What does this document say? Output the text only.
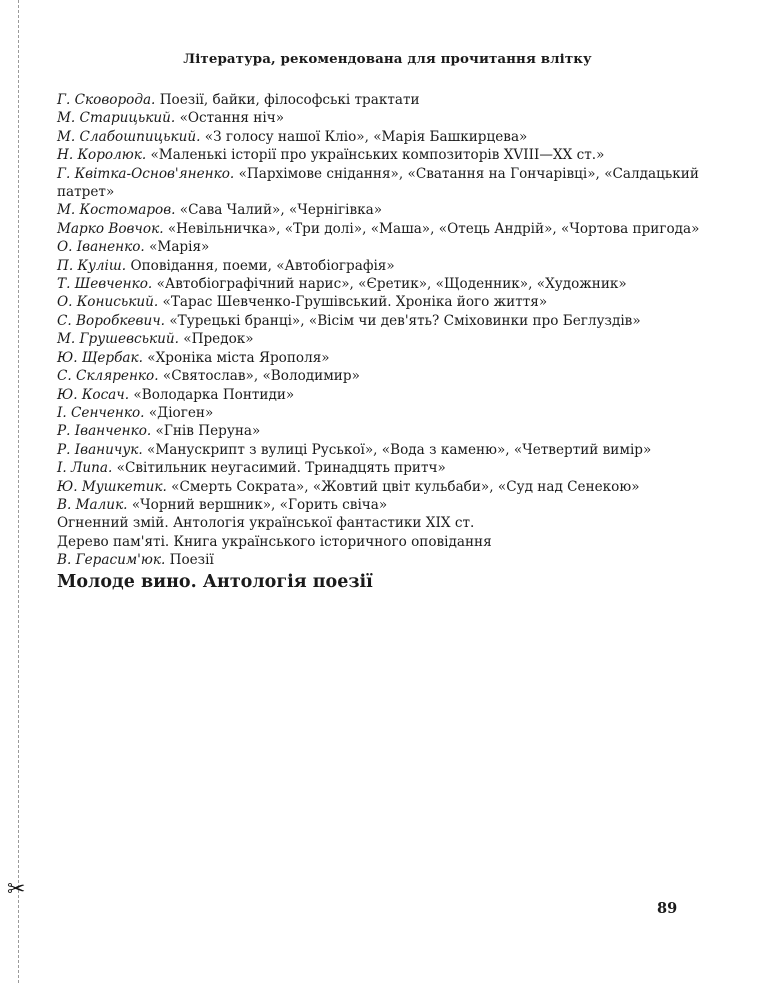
✂
Література, рекомендована для прочитання влітку

Г. Сковорода. Поезії, байки, філософські трактати

М. Старицький. «Остання ніч»

М. Слабошпицький. «З голосу нашої Кліо», «Марія Башкирцева»

Н. Королюк. «Маленькі історії про українських композиторів XVIII—XX ст.»

Г. Квітка-Основ'яненко. «Пархімове снідання», «Сватання на Гончарівці», «Салдацький патрет»

М. Костомаров. «Сава Чалий», «Чернігівка»

Марко Вовчок. «Невільничка», «Три долі», «Маша», «Отець Андрій», «Чортова пригода»

О. Іваненко. «Марія»

П. Куліш. Оповідання, поеми, «Автобіографія»

Т. Шевченко. «Автобіографічний нарис», «Єретик», «Щоденник», «Художник»

О. Кониський. «Тарас Шевченко-Грушівський. Хроніка його життя»

С. Воробкевич. «Турецькі бранці», «Вісім чи дев'ять? Сміховинки про Беглуздів»

М. Грушевський. «Предок»

Ю. Щербак. «Хроніка міста Ярополя»

С. Скляренко. «Святослав», «Володимир»

Ю. Косач. «Володарка Понтиди»

І. Сенченко. «Діоген»

Р. Іванченко. «Гнів Перуна»

Р. Іваничук. «Манускрипт з вулиці Руської», «Вода з каменю», «Четвертий вимір»

І. Липа. «Світильник неугасимий. Тринадцять притч»

Ю. Мушкетик. «Смерть Сократа», «Жовтий цвіт кульбаби», «Суд над Сенекою»

В. Малик. «Чорний вершник», «Горить свіча»

Огненний змій. Антологія української фантастики XIX ст.

Дерево пам'яті. Книга українського історичного оповідання

В. Герасим'юк. Поезії

Молоде вино. Антологія поезії

89
